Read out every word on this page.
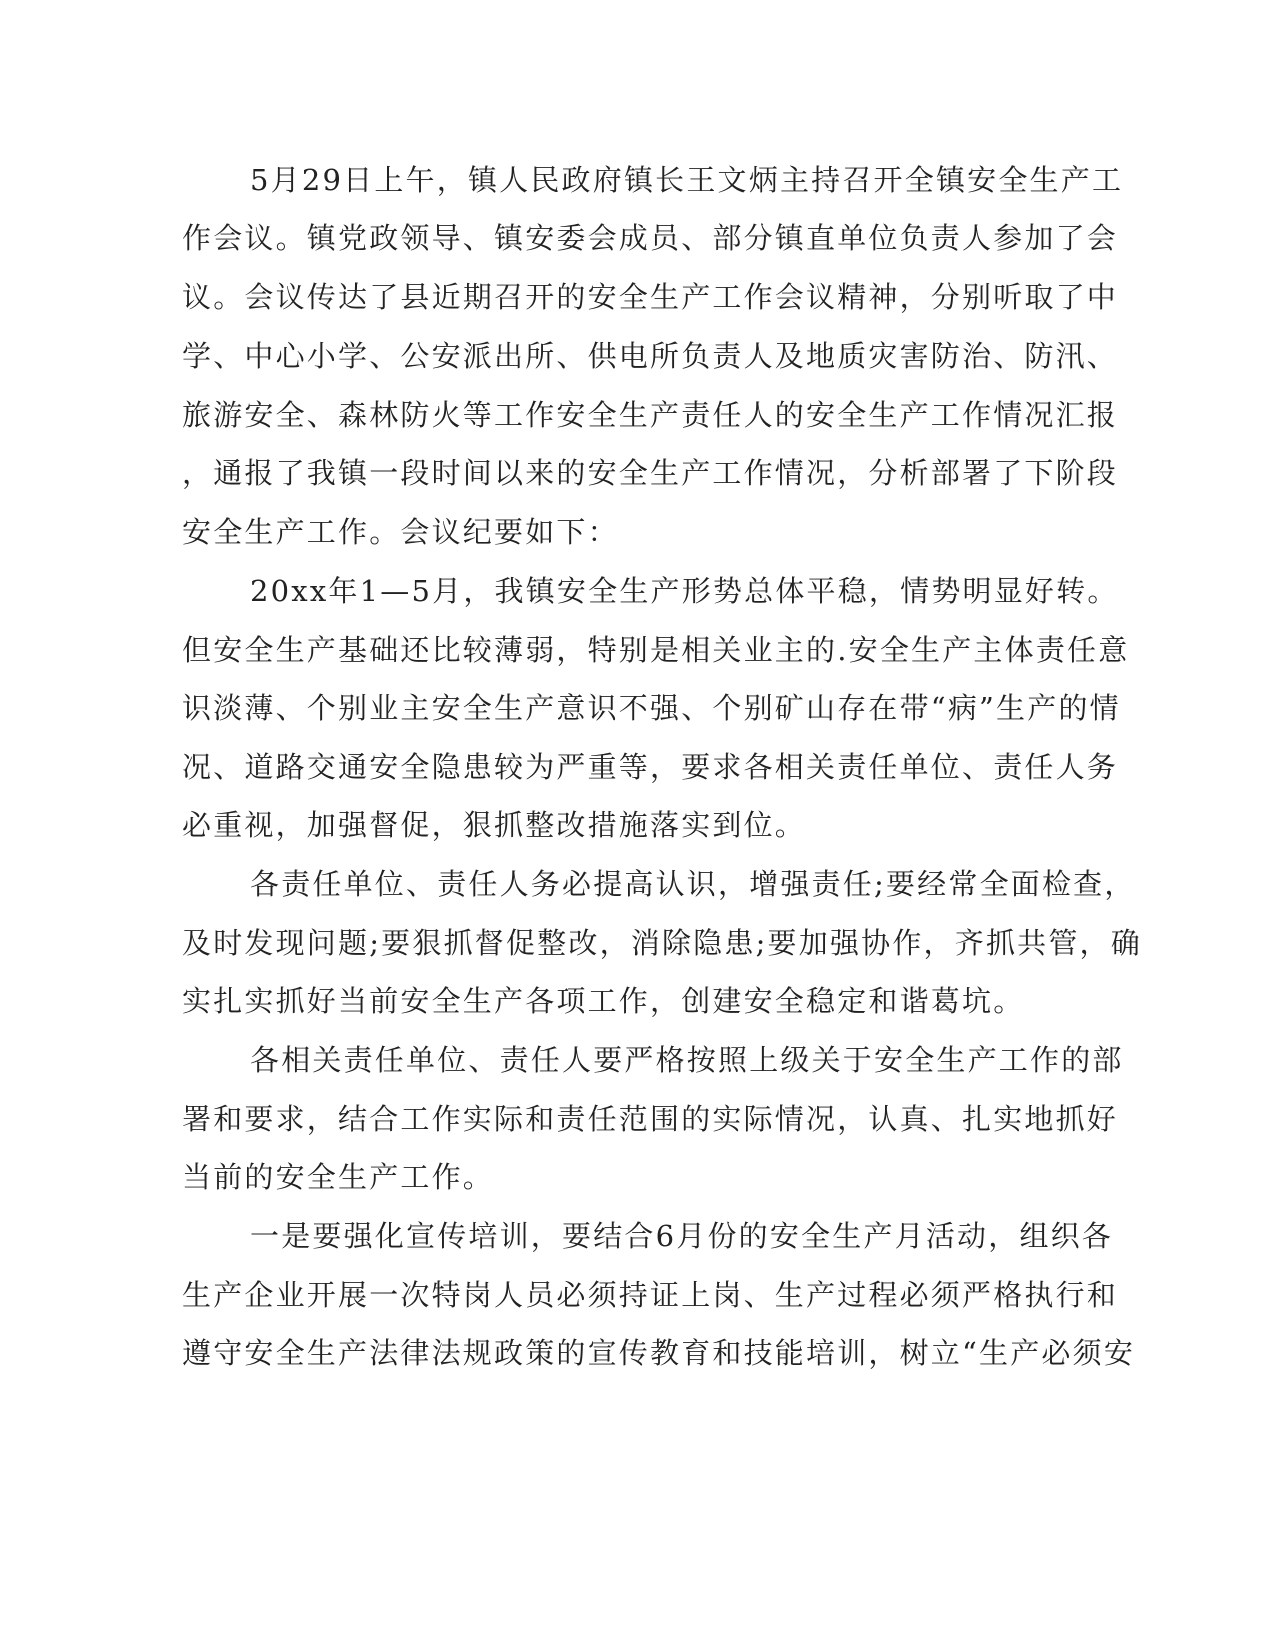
5月29日上午，镇人民政府镇长王文炳主持召开全镇安全生产工
作会议。镇党政领导、镇安委会成员、部分镇直单位负责人参加了会
议。会议传达了县近期召开的安全生产工作会议精神，分别听取了中
学、中心小学、公安派出所、供电所负责人及地质灾害防治、防汛、
旅游安全、森林防火等工作安全生产责任人的安全生产工作情况汇报
，通报了我镇一段时间以来的安全生产工作情况，分析部署了下阶段
安全生产工作。会议纪要如下：
20xx年1—5月，我镇安全生产形势总体平稳，情势明显好转。
但安全生产基础还比较薄弱，特别是相关业主的.安全生产主体责任意
识淡薄、个别业主安全生产意识不强、个别矿山存在带“病”生产的情
况、道路交通安全隐患较为严重等，要求各相关责任单位、责任人务
必重视，加强督促，狠抓整改措施落实到位。
各责任单位、责任人务必提高认识，增强责任;要经常全面检查，
及时发现问题;要狠抓督促整改，消除隐患;要加强协作，齐抓共管，确
实扎实抓好当前安全生产各项工作，创建安全稳定和谐葛坑。
各相关责任单位、责任人要严格按照上级关于安全生产工作的部
署和要求，结合工作实际和责任范围的实际情况，认真、扎实地抓好
当前的安全生产工作。
一是要强化宣传培训，要结合6月份的安全生产月活动，组织各
生产企业开展一次特岗人员必须持证上岗、生产过程必须严格执行和
遵守安全生产法律法规政策的宣传教育和技能培训，树立“生产必须安
